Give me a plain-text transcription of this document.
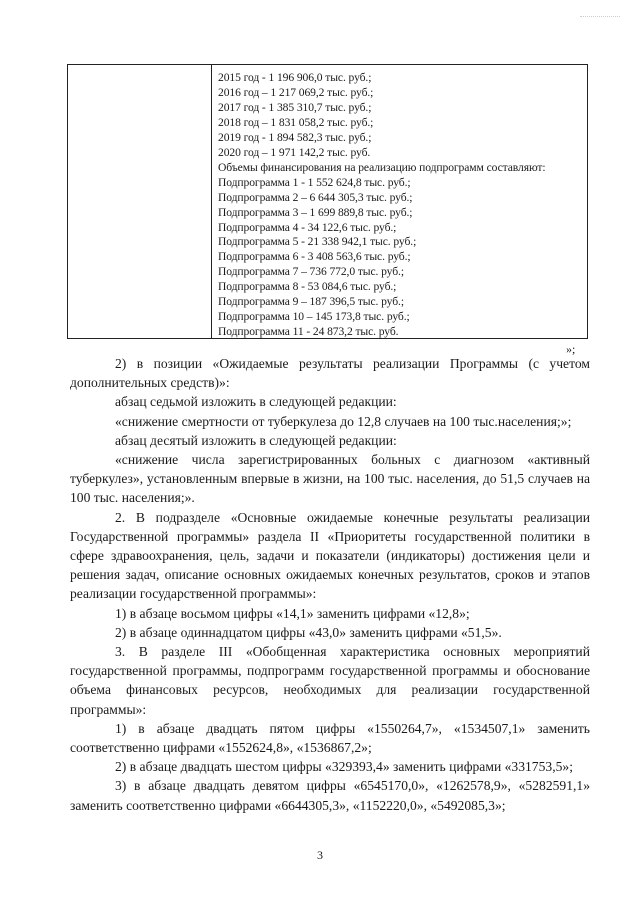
2015 год - 1 196 906,0 тыс. руб.;
2016 год – 1 217 069,2 тыс. руб.;
2017 год - 1 385 310,7 тыс. руб.;
2018 год – 1 831 058,2 тыс. руб.;
2019 год - 1 894 582,3 тыс. руб.;
2020 год – 1 971 142,2 тыс. руб.
Объемы финансирования на реализацию подпрограмм составляют:
Подпрограмма 1 - 1 552 624,8 тыс. руб.;
Подпрограмма 2 – 6 644 305,3 тыс. руб.;
Подпрограмма 3 – 1 699 889,8 тыс. руб.;
Подпрограмма 4 - 34 122,6 тыс. руб.;
Подпрограмма 5 - 21 338 942,1 тыс. руб.;
Подпрограмма 6 - 3 408 563,6 тыс. руб.;
Подпрограмма 7 – 736 772,0 тыс. руб.;
Подпрограмма 8 - 53 084,6 тыс. руб.;
Подпрограмма 9 – 187 396,5 тыс. руб.;
Подпрограмма 10 – 145 173,8 тыс. руб.;
Подпрограмма 11 - 24 873,2 тыс. руб.
»;

2) в позиции «Ожидаемые результаты реализации Программы (с учетом дополнительных средств)»:

абзац седьмой изложить в следующей редакции:

«снижение смертности от туберкулеза до 12,8 случаев на 100 тыс.населения;»;

абзац десятый изложить в следующей редакции:

«снижение числа зарегистрированных больных с диагнозом «активный туберкулез», установленным впервые в жизни, на 100 тыс. населения, до 51,5 случаев на 100 тыс. населения;».

2. В подразделе «Основные ожидаемые конечные результаты реализации Государственной программы» раздела II «Приоритеты государственной политики в сфере здравоохранения, цель, задачи и показатели (индикаторы) достижения цели и решения задач, описание основных ожидаемых конечных результатов, сроков и этапов реализации государственной программы»:

1) в абзаце восьмом цифры «14,1» заменить цифрами «12,8»;

2) в абзаце одиннадцатом цифры «43,0» заменить цифрами «51,5».

3. В разделе III «Обобщенная характеристика основных мероприятий государственной программы, подпрограмм государственной программы и обоснование объема финансовых ресурсов, необходимых для реализации государственной программы»:

1) в абзаце двадцать пятом цифры «1550264,7», «1534507,1» заменить соответственно цифрами «1552624,8», «1536867,2»;

2) в абзаце двадцать шестом цифры «329393,4» заменить цифрами «331753,5»;

3) в абзаце двадцать девятом цифры «6545170,0», «1262578,9», «5282591,1» заменить соответственно цифрами «6644305,3», «1152220,0», «5492085,3»;

3
